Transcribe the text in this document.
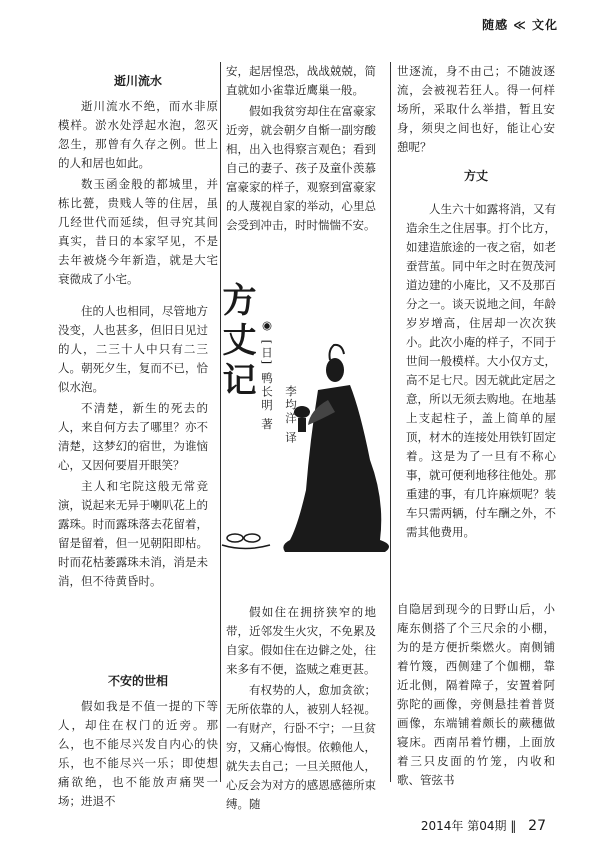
随感 ≪ 文化
逝川流水

逝川流水不绝，而水非原模样。淤水处浮起水泡，忽灭忽生，那曾有久存之例。世上的人和居也如此。

数玉函金般的都城里，并栋比甍，贵贱人等的住居，虽几经世代而延续，但寻究其间真实，昔日的本家罕见，不是去年被烧今年新造，就是大宅衰微成了小宅。

住的人也相同，尽管地方没变，人也甚多，但旧日见过的人，二三十人中只有二三人。朝死夕生，复而不已，恰似水泡。

不清楚，新生的死去的人，来自何方去了哪里？亦不清楚，这梦幻的宿世，为谁恼心，又因何要眉开眼笑？

主人和宅院这般无常竞演，说起来无异于喇叭花上的露珠。时而露珠落去花留着，留是留着，但一见朝阳即枯。时而花枯萎露珠未消，消是未消，但不待黄昏时。

不安的世相

假如我是不值一提的下等人，却住在权门的近旁。那么，也不能尽兴发自内心的快乐，也不能尽兴一乐；即使想痛欲绝，也不能放声痛哭一场；进退不

安，起居惶恐，战战兢兢，简直就如小雀靠近鹰巢一般。

假如我贫穷却住在富豪家近旁，就会朝夕自惭一副穷酸相，出入也得察言观色；看到自己的妻子、孩子及童仆羡慕富豪家的样子，观察到富豪家的人蔑视自家的举动，心里总会受到冲击，时时惴惴不安。

方丈记 ◉ [日] 鸭长明 著 李均洋 译

假如住在拥挤狭窄的地带，近邻发生火灾，不免累及自家。假如住在边僻之处，往来多有不便，盗贼之难更甚。

有权势的人，愈加贪欲；无所依靠的人，被别人轻视。一有财产，行卧不宁；一旦贫穷，又痛心悔恨。依赖他人，就失去自己；一旦关照他人，心反会为对方的感恩感德所束缚。随

世逐流，身不由己；不随波逐流，会被视若狂人。得一何样场所，采取什么举措，暂且安身，须臾之间也好，能让心安憩呢？

方丈

人生六十如露将消，又有造余生之住居事。打个比方，如建造旅途的一夜之宿，如老蚕营茧。同中年之时在贺茂河道边建的小庵比，又不及那百分之一。谈天说地之间，年龄岁岁增高，住居却一次次狭小。此次小庵的样子，不同于世间一般模样。大小仅方丈，高不足七尺。因无就此定居之意，所以无须去购地。在地基上支起柱子，盖上简单的屋顶，材木的连接处用铁钉固定着。这是为了一旦有不称心事，就可便利地移往他处。那重建的事，有几许麻烦呢？装车只需两辆，付车酬之外，不需其他费用。

自隐居到现今的日野山后，小庵东侧搭了个三尺余的小棚，为的是方便折柴燃火。南侧铺着竹篾，西侧建了个伽棚，靠近北侧，隔着障子，安置着阿弥陀的画像，旁侧悬挂着普贤画像，东端铺着颇长的蕨穗做寝床。西南吊着竹棚，上面放着三只皮面的竹笼，内收和歌、管弦书

2014年 第04期 ‖ 27
